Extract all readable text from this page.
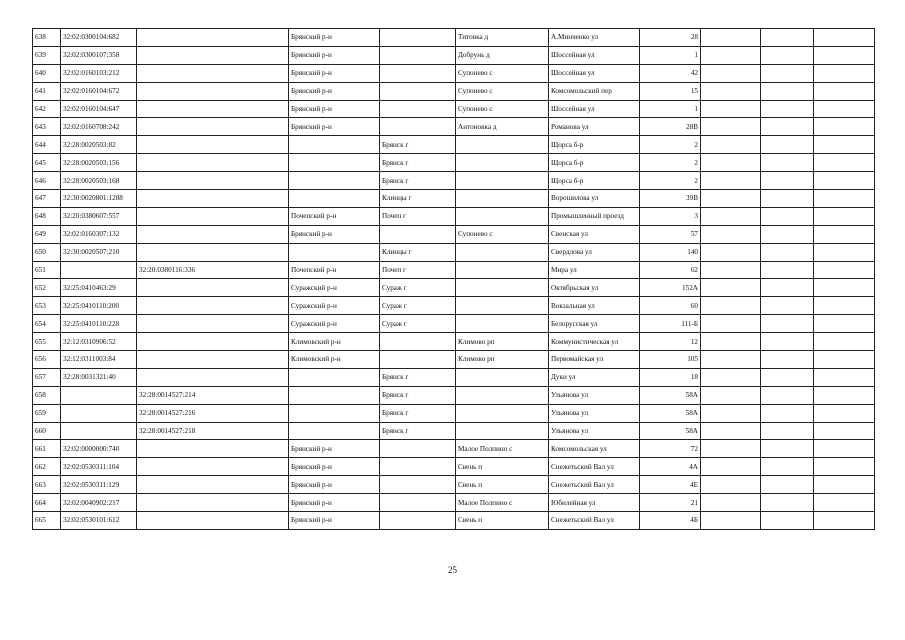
638	32:02:0300104:682		Брянский р-н		Титовка д	А.Минченко ул	28			
639	32:02:0300107:358		Брянский р-н		Добрунь д	Шоссейная ул	1			
640	32:02:0160103:212		Брянский р-н		Супонево с	Шоссейная ул	42			
641	32:02:0160104:672		Брянский р-н		Супонево с	Комсомольский пер	15			
642	32:02:0160104:647		Брянский р-н		Супонево с	Шоссейная ул	1			
643	32:02:0160708:242		Брянский р-н		Антоновка д	Романова ул	28В			
644	32:28:0020503:82			Брянск г		Щорса б-р	2			
645	32:28:0020503:156			Брянск г		Щорса б-р	2			
646	32:28:0020503:168			Брянск г		Щорса б-р	2			
647	32:30:0020801:1288			Клинцы г		Ворошилова ул	39В			
648	32:20:0380607:557		Почепский р-н	Почеп г		Промышленный проезд	3			
649	32:02:0160307:132		Брянский р-н		Супонево с	Свенская ул	57			
650	32:30:0020507:210			Клинцы г		Свердлова ул	140			
651		32:20:0380116:336	Почепский р-н	Почеп г		Мира ул	62			
652	32:25:0410463:29		Суражский р-н	Сураж г		Октябрьская ул	152А			
653	32:25:0410110:200		Суражский р-н	Сураж г		Вокзальная ул	60			
654	32:25:0410110:228		Суражский р-н	Сураж г		Белорусская ул	111-Б			
655	32:12:0310906:52		Климовский р-н		Климово рп	Коммунистическая ул	12			
656	32:12:0311003:84		Климовский р-н		Климово рп	Первомайская ул	105			
657	32:28:0031321:40			Брянск г		Дуки ул	18			
658		32:28:0014527:214		Брянск г		Ульянова ул	58А			
659		32:28:0014527:216		Брянск г		Ульянова ул	58А			
660		32:28:0014527:218		Брянск г		Ульянова ул	58А			
661	32:02:0000000:740		Брянский р-н		Малое Полпино с	Комсомольская ул	72			
662	32:02:0530311:104		Брянский р-н		Свень п	Снежетьский Вал ул	4А			
663	32:02:0530311:129		Брянский р-н		Свень п	Снежетьский Вал ул	4Е			
664	32:02:0040902:217		Брянский р-н		Малое Полпино с	Юбилейная ул	21			
665	32:02:0530101:612		Брянский р-н		Свень п	Снежетьский Вал ул	4Б			
25
